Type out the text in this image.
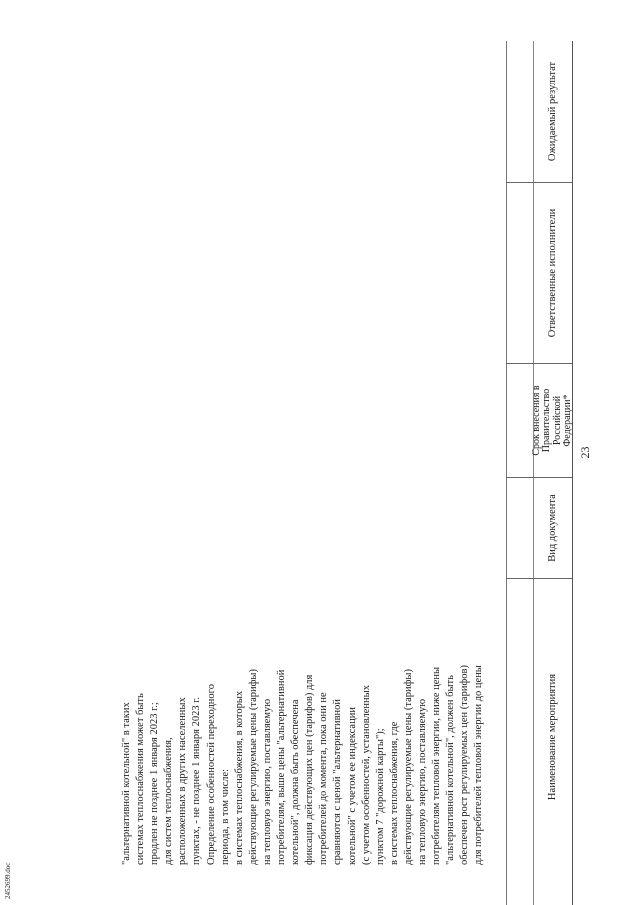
23
Наименование мероприятия
Вид документа
Срок внесения в Правительство Российской Федерации*
Ответственные исполнители
Ожидаемый результат
"альтернативной котельной" в таких системах теплоснабжения может быть продлен не позднее 1 января 2023 г.; для систем теплоснабжения, расположенных в других населенных пунктах, - не позднее 1 января 2023 г. Определение особенностей переходного периода, в том числе: в системах теплоснабжения, в которых действующие регулируемые цены (тарифы) на тепловую энергию, поставляемую потребителям, выше цены "альтернативной котельной", должна быть обеспечена фиксация действующих цен (тарифов) для потребителей до момента, пока они не сравняются с ценой "альтернативной котельной" с учетом ее индексации (с учетом особенностей, установленных пунктом 7 "дорожной карты"); в системах теплоснабжения, где действующие регулируемые цены (тарифы) на тепловую энергию, поставляемую потребителям тепловой энергии, ниже цены "альтернативной котельной", должен быть обеспечен рост регулируемых цен (тарифов) для потребителей тепловой энергии до цены
2452699.doc
